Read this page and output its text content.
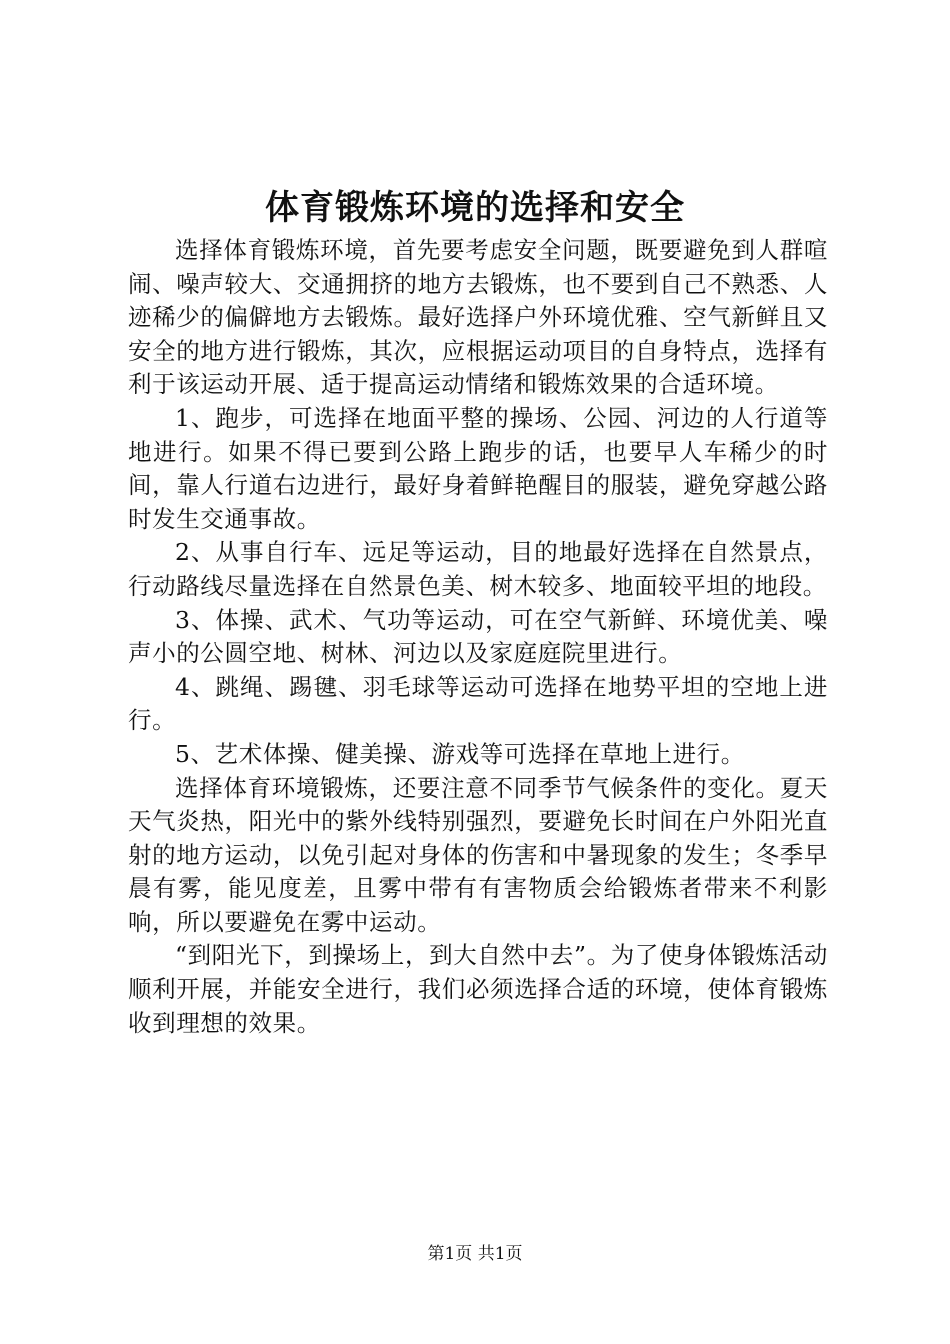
体育锻炼环境的选择和安全

选择体育锻炼环境，首先要考虑安全问题，既要避免到人群喧闹、噪声较大、交通拥挤的地方去锻炼，也不要到自己不熟悉、人迹稀少的偏僻地方去锻炼。最好选择户外环境优雅、空气新鲜且又安全的地方进行锻炼，其次，应根据运动项目的自身特点，选择有利于该运动开展、适于提高运动情绪和锻炼效果的合适环境。

1、跑步，可选择在地面平整的操场、公园、河边的人行道等地进行。如果不得已要到公路上跑步的话，也要早人车稀少的时间，靠人行道右边进行，最好身着鲜艳醒目的服装，避免穿越公路时发生交通事故。

2、从事自行车、远足等运动，目的地最好选择在自然景点，行动路线尽量选择在自然景色美、树木较多、地面较平坦的地段。

3、体操、武术、气功等运动，可在空气新鲜、环境优美、噪声小的公圆空地、树林、河边以及家庭庭院里进行。

4、跳绳、踢毽、羽毛球等运动可选择在地势平坦的空地上进行。

5、艺术体操、健美操、游戏等可选择在草地上进行。

选择体育环境锻炼，还要注意不同季节气候条件的变化。夏天天气炎热，阳光中的紫外线特别强烈，要避免长时间在户外阳光直射的地方运动，以免引起对身体的伤害和中暑现象的发生；冬季早晨有雾，能见度差，且雾中带有有害物质会给锻炼者带来不利影响，所以要避免在雾中运动。

“到阳光下，到操场上，到大自然中去”。为了使身体锻炼活动顺利开展，并能安全进行，我们必须选择合适的环境，使体育锻炼收到理想的效果。

第1页 共1页
